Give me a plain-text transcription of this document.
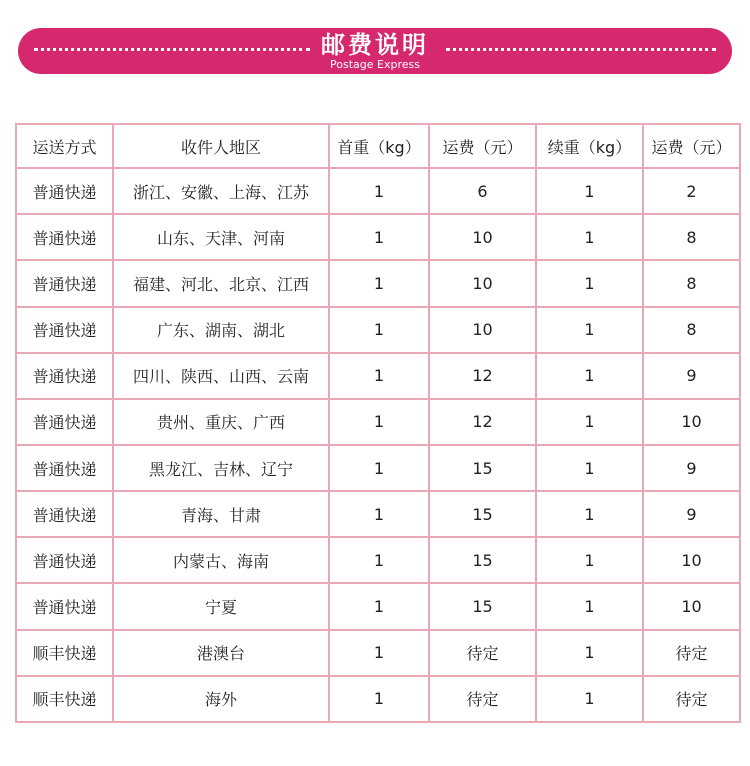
邮费说明
Postage Express
运送方式	收件人地区	首重（kg）	运费（元）	续重（kg）	运费（元）
普通快递	浙江、安徽、上海、江苏	1	6	1	2
普通快递	山东、天津、河南	1	10	1	8
普通快递	福建、河北、北京、江西	1	10	1	8
普通快递	广东、湖南、湖北	1	10	1	8
普通快递	四川、陕西、山西、云南	1	12	1	9
普通快递	贵州、重庆、广西	1	12	1	10
普通快递	黑龙江、吉林、辽宁	1	15	1	9
普通快递	青海、甘肃	1	15	1	9
普通快递	内蒙古、海南	1	15	1	10
普通快递	宁夏	1	15	1	10
顺丰快递	港澳台	1	待定	1	待定
顺丰快递	海外	1	待定	1	待定
